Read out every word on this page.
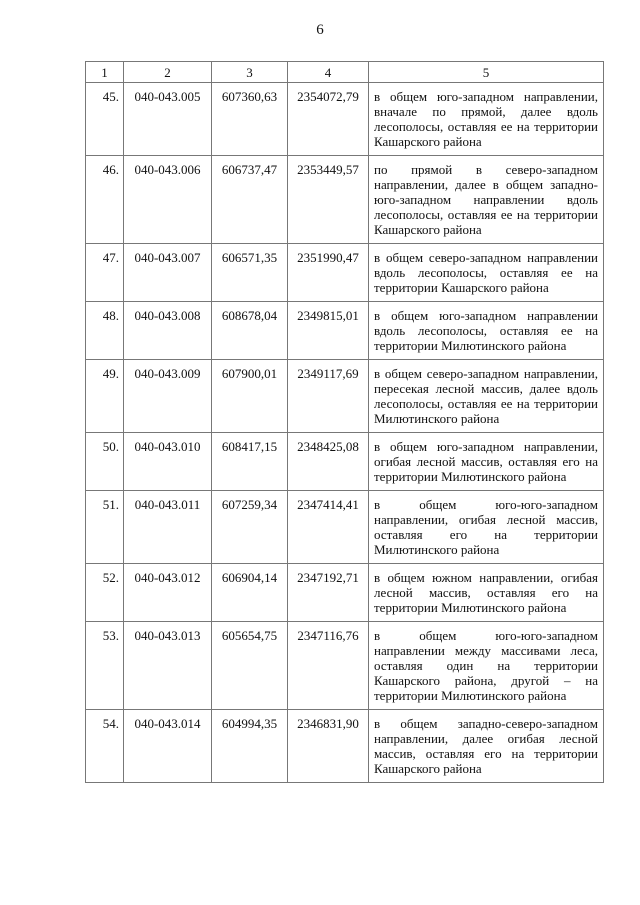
6
1	2	3	4	5
45.	040-043.005	607360,63	2354072,79	в общем юго-западном направлении, вначале по прямой, далее вдоль лесополосы, оставляя ее на территории Кашарского района
46.	040-043.006	606737,47	2353449,57	по прямой в северо-западном направлении, далее в общем западно-юго-западном направлении вдоль лесополосы, оставляя ее на территории Кашарского района
47.	040-043.007	606571,35	2351990,47	в общем северо-западном направлении вдоль лесополосы, оставляя ее на территории Кашарского района
48.	040-043.008	608678,04	2349815,01	в общем юго-западном направлении вдоль лесополосы, оставляя ее на территории Милютинского района
49.	040-043.009	607900,01	2349117,69	в общем северо-западном направлении, пересекая лесной массив, далее вдоль лесополосы, оставляя ее на территории Милютинского района
50.	040-043.010	608417,15	2348425,08	в общем юго-западном направлении, огибая лесной массив, оставляя его на территории Милютинского района
51.	040-043.011	607259,34	2347414,41	в общем юго-юго-западном направлении, огибая лесной массив, оставляя его на территории Милютинского района
52.	040-043.012	606904,14	2347192,71	в общем южном направлении, огибая лесной массив, оставляя его на территории Милютинского района
53.	040-043.013	605654,75	2347116,76	в общем юго-юго-западном направлении между массивами леса, оставляя один на территории Кашарского района, другой – на территории Милютинского района
54.	040-043.014	604994,35	2346831,90	в общем западно-северо-западном направлении, далее огибая лесной массив, оставляя его на территории Кашарского района
